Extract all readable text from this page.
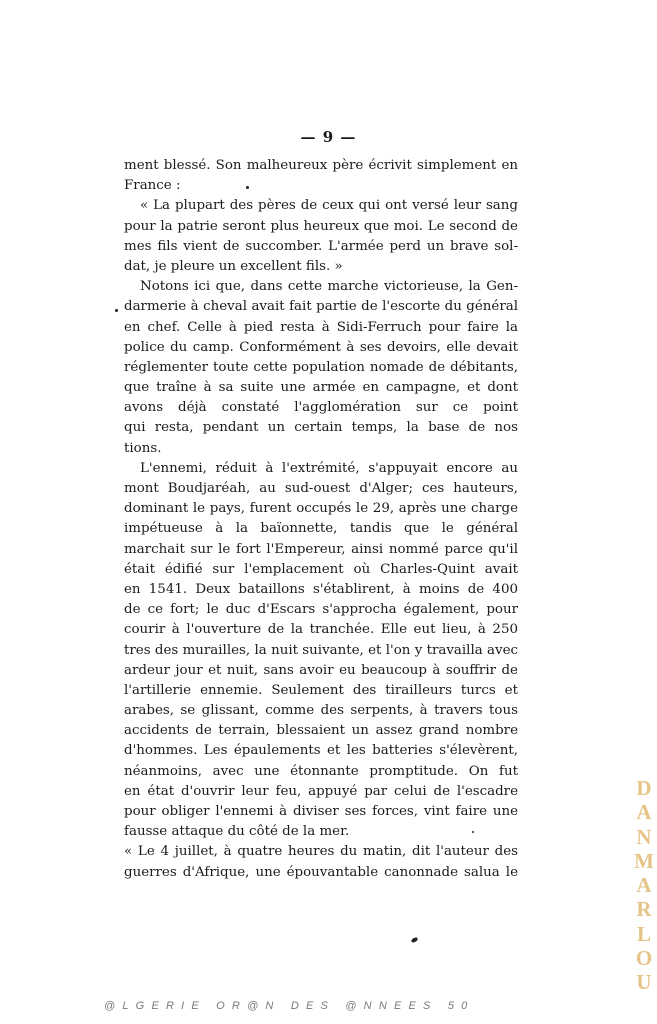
— 9 —
ment blessé. Son malheureux père écrivit simplement en
France :
« La plupart des pères de ceux qui ont versé leur sang
pour la patrie seront plus heureux que moi. Le second de
mes fils vient de succomber. L'armée perd un brave sol-
dat, je pleure un excellent fils. »
Notons ici que, dans cette marche victorieuse, la Gen-
darmerie à cheval avait fait partie de l'escorte du général
en chef. Celle à pied resta à Sidi-Ferruch pour faire la
police du camp. Conformément à ses devoirs, elle devait
réglementer toute cette population nomade de débitants,
que traîne à sa suite une armée en campagne, et dont
avons déjà constaté l'agglomération sur ce point
qui resta, pendant un certain temps, la base de nos
tions.
L'ennemi, réduit à l'extrémité, s'appuyait encore au
mont Boudjaréah, au sud-ouest d'Alger; ces hauteurs,
dominant le pays, furent occupés le 29, après une charge
impétueuse à la baïonnette, tandis que le général
marchait sur le fort l'Empereur, ainsi nommé parce qu'il
était édifié sur l'emplacement où Charles-Quint avait
en 1541. Deux bataillons s'établirent, à moins de 400
de ce fort; le duc d'Escars s'approcha également, pour
courir à l'ouverture de la tranchée. Elle eut lieu, à 250
tres des murailles, la nuit suivante, et l'on y travailla avec
ardeur jour et nuit, sans avoir eu beaucoup à souffrir de
l'artillerie ennemie. Seulement des tirailleurs turcs et
arabes, se glissant, comme des serpents, à travers tous
accidents de terrain, blessaient un assez grand nombre
d'hommes. Les épaulements et les batteries s'élevèrent,
néanmoins, avec une étonnante promptitude. On fut
en état d'ouvrir leur feu, appuyé par celui de l'escadre
pour obliger l'ennemi à diviser ses forces, vint faire une
fausse attaque du côté de la mer.
« Le 4 juillet, à quatre heures du matin, dit l'auteur des
guerres d'Afrique, une épouvantable canonnade salua le
D
A
N
M
A
R
L
O
U
@LGERIE OR@N DES @NNEES 50
